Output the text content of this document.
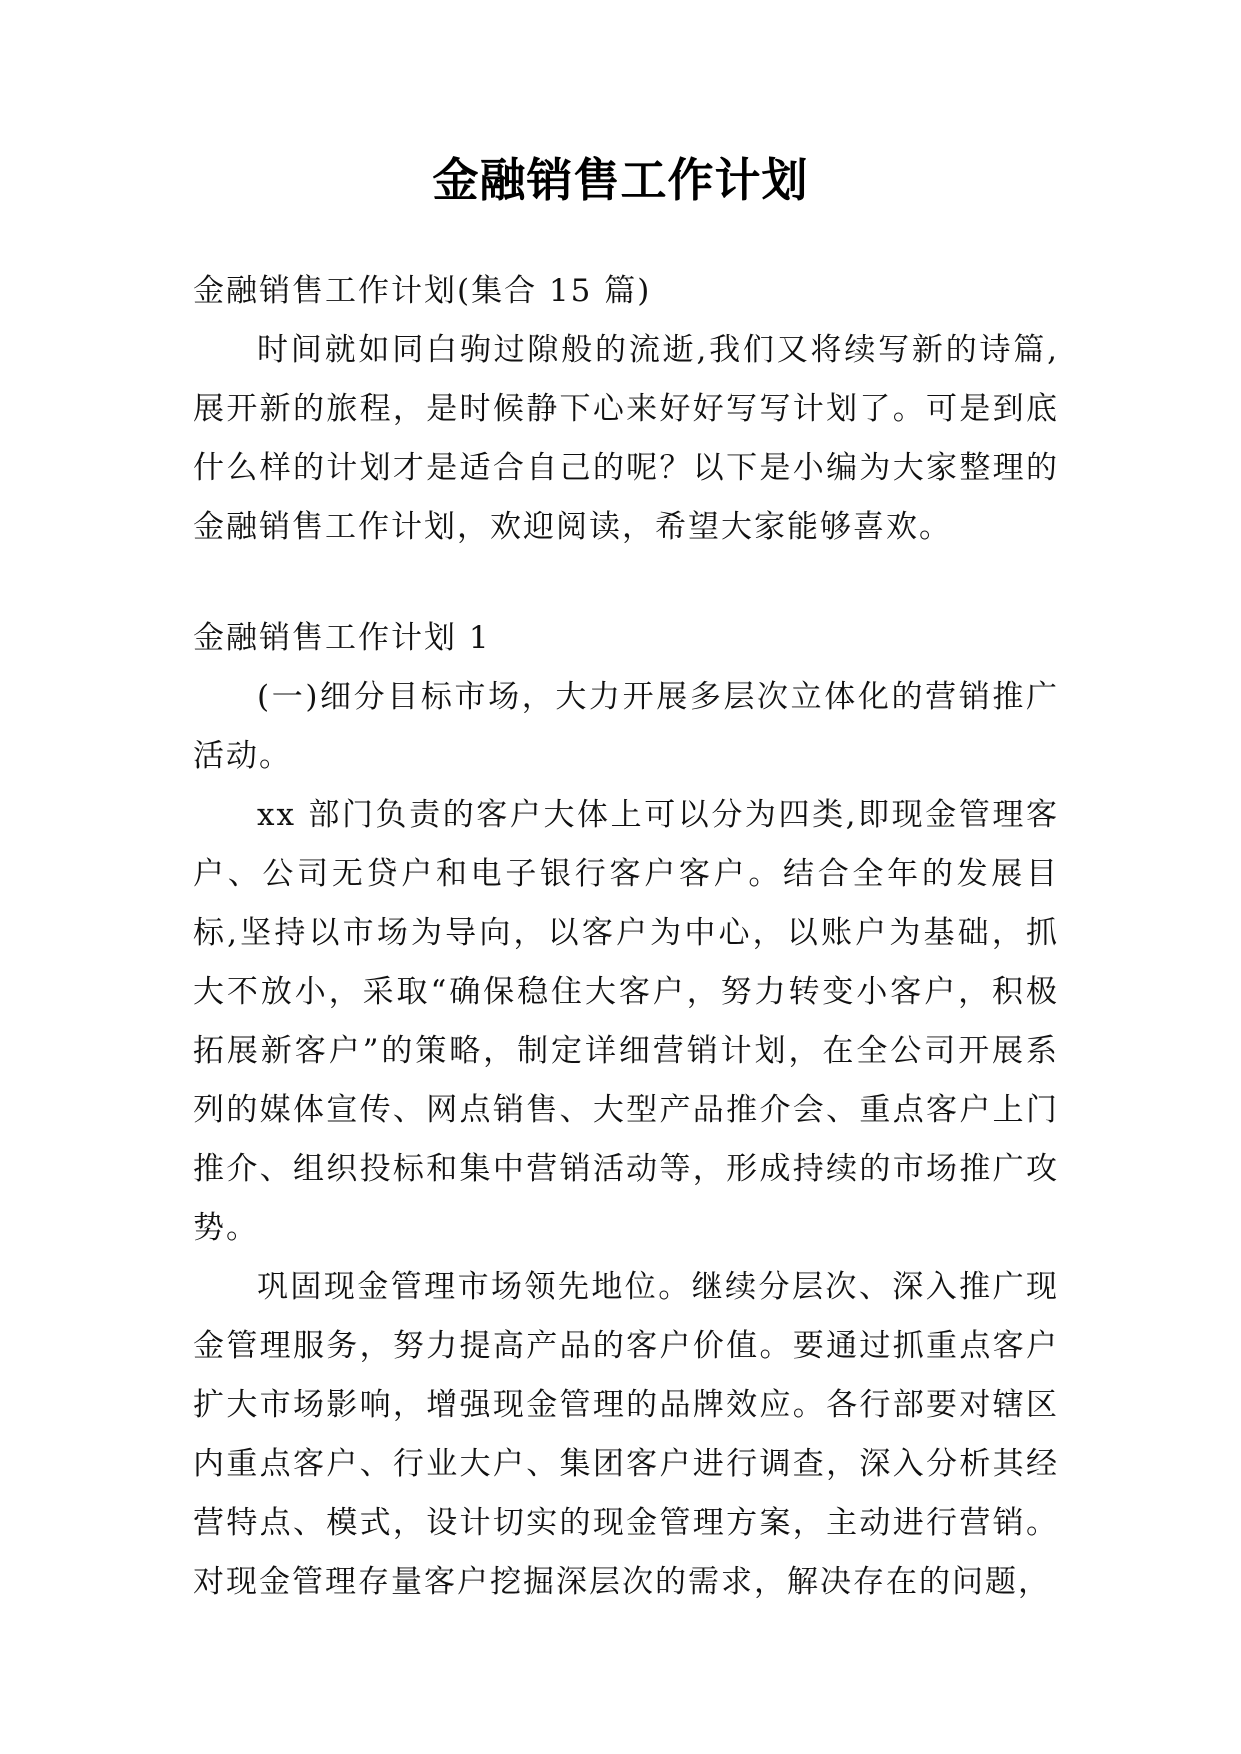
金融销售工作计划

金融销售工作计划(集合 15 篇)

时间就如同白驹过隙般的流逝,我们又将续写新的诗篇,展开新的旅程，是时候静下心来好好写写计划了。可是到底什么样的计划才是适合自己的呢？以下是小编为大家整理的金融销售工作计划，欢迎阅读，希望大家能够喜欢。

金融销售工作计划 1

(一)细分目标市场，大力开展多层次立体化的营销推广活动。

xx 部门负责的客户大体上可以分为四类,即现金管理客户、公司无贷户和电子银行客户客户。结合全年的发展目标,坚持以市场为导向，以客户为中心，以账户为基础，抓大不放小，采取“确保稳住大客户，努力转变小客户，积极拓展新客户”的策略，制定详细营销计划，在全公司开展系列的媒体宣传、网点销售、大型产品推介会、重点客户上门推介、组织投标和集中营销活动等，形成持续的市场推广攻势。

巩固现金管理市场领先地位。继续分层次、深入推广现金管理服务，努力提高产品的客户价值。要通过抓重点客户扩大市场影响，增强现金管理的品牌效应。各行部要对辖区内重点客户、行业大户、集团客户进行调查，深入分析其经营特点、模式，设计切实的现金管理方案，主动进行营销。对现金管理存量客户挖掘深层次的需求，解决存在的问题，
